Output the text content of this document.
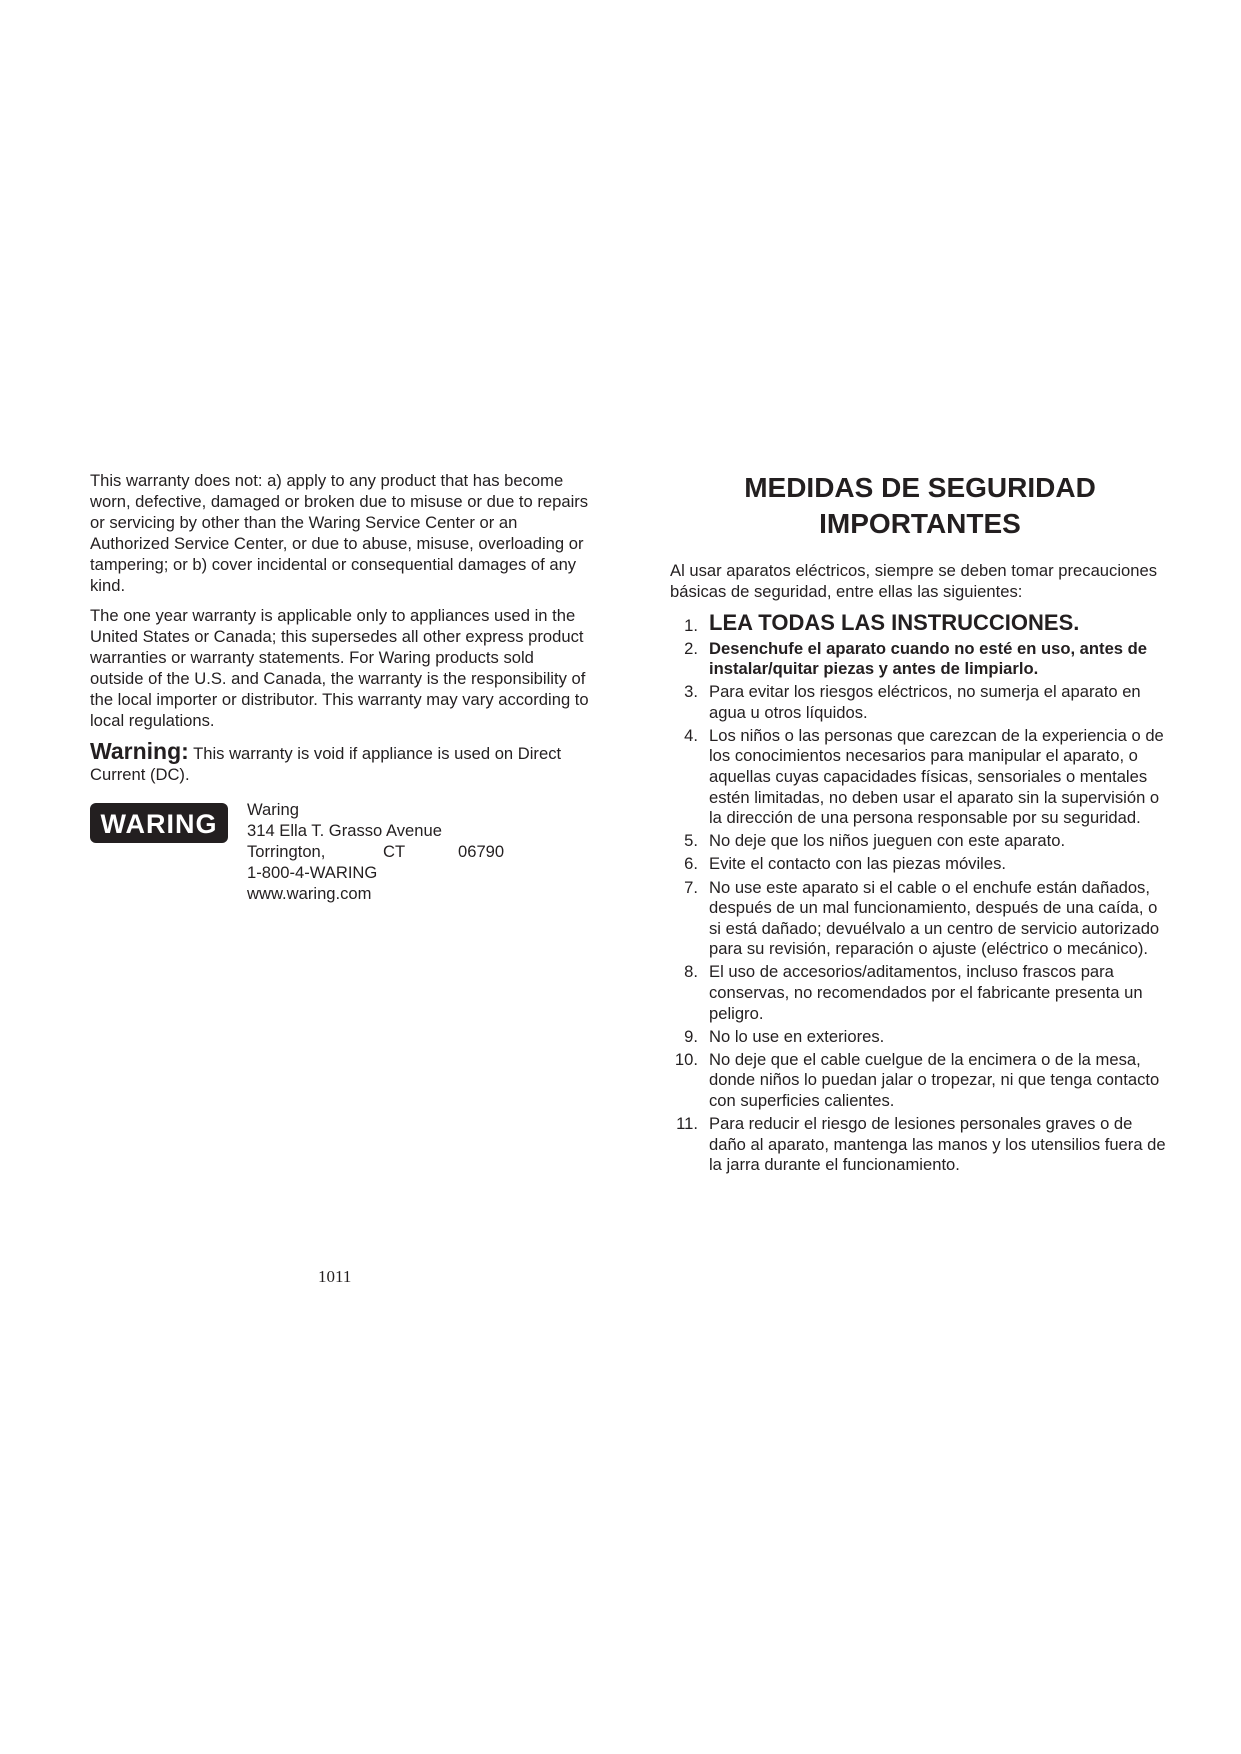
This warranty does not: a) apply to any product that has become worn, defective, damaged or broken due to misuse or due to repairs or servicing by other than the Waring Service Center or an Authorized Service Center, or due to abuse, misuse, overloading or tampering; or b) cover incidental or consequential damages of any kind.

The one year warranty is applicable only to appliances used in the United States or Canada; this supersedes all other express product warranties or warranty statements. For Waring products sold outside of the U.S. and Canada, the warranty is the responsibility of the local importer or distributor. This warranty may vary according to local regulations.

Warning: This warranty is void if appliance is used on Direct Current (DC).

WARING Waring
314 Ella T. Grasso Avenue
Torrington,	CT	06790
1-800-4-WARING
www.waring.com
1011
MEDIDAS DE SEGURIDAD
IMPORTANTES

Al usar aparatos eléctricos, siempre se deben tomar precauciones básicas de seguridad, entre ellas las siguientes:

1. LEA TODAS LAS INSTRUCCIONES.
2. Desenchufe el aparato cuando no esté en uso, antes de instalar/quitar piezas y antes de limpiarlo.
3. Para evitar los riesgos eléctricos, no sumerja el aparato en agua u otros líquidos.
4. Los niños o las personas que carezcan de la experiencia o de los conocimientos necesarios para manipular el aparato, o aquellas cuyas capacidades físicas, sensoriales o mentales estén limitadas, no deben usar el aparato sin la supervisión o la dirección de una persona responsable por su seguridad.
5. No deje que los niños jueguen con este aparato.
6. Evite el contacto con las piezas móviles.
7. No use este aparato si el cable o el enchufe están dañados, después de un mal funcionamiento, después de una caída, o si está dañado; devuélvalo a un centro de servicio autorizado para su revisión, reparación o ajuste (eléctrico o mecánico).
8. El uso de accesorios/aditamentos, incluso frascos para conservas, no recomendados por el fabricante presenta un peligro.
9. No lo use en exteriores.
10. No deje que el cable cuelgue de la encimera o de la mesa, donde niños lo puedan jalar o tropezar, ni que tenga contacto con superficies calientes.
11. Para reducir el riesgo de lesiones personales graves o de daño al aparato, mantenga las manos y los utensilios fuera de la jarra durante el funcionamiento.
